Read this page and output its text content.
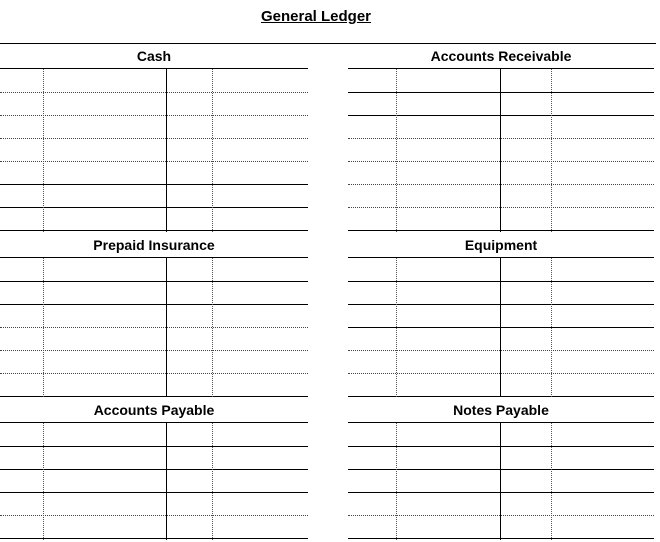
General Ledger
Cash	Accounts Receivable
Prepaid Insurance	Equipment
Accounts Payable	Notes Payable
